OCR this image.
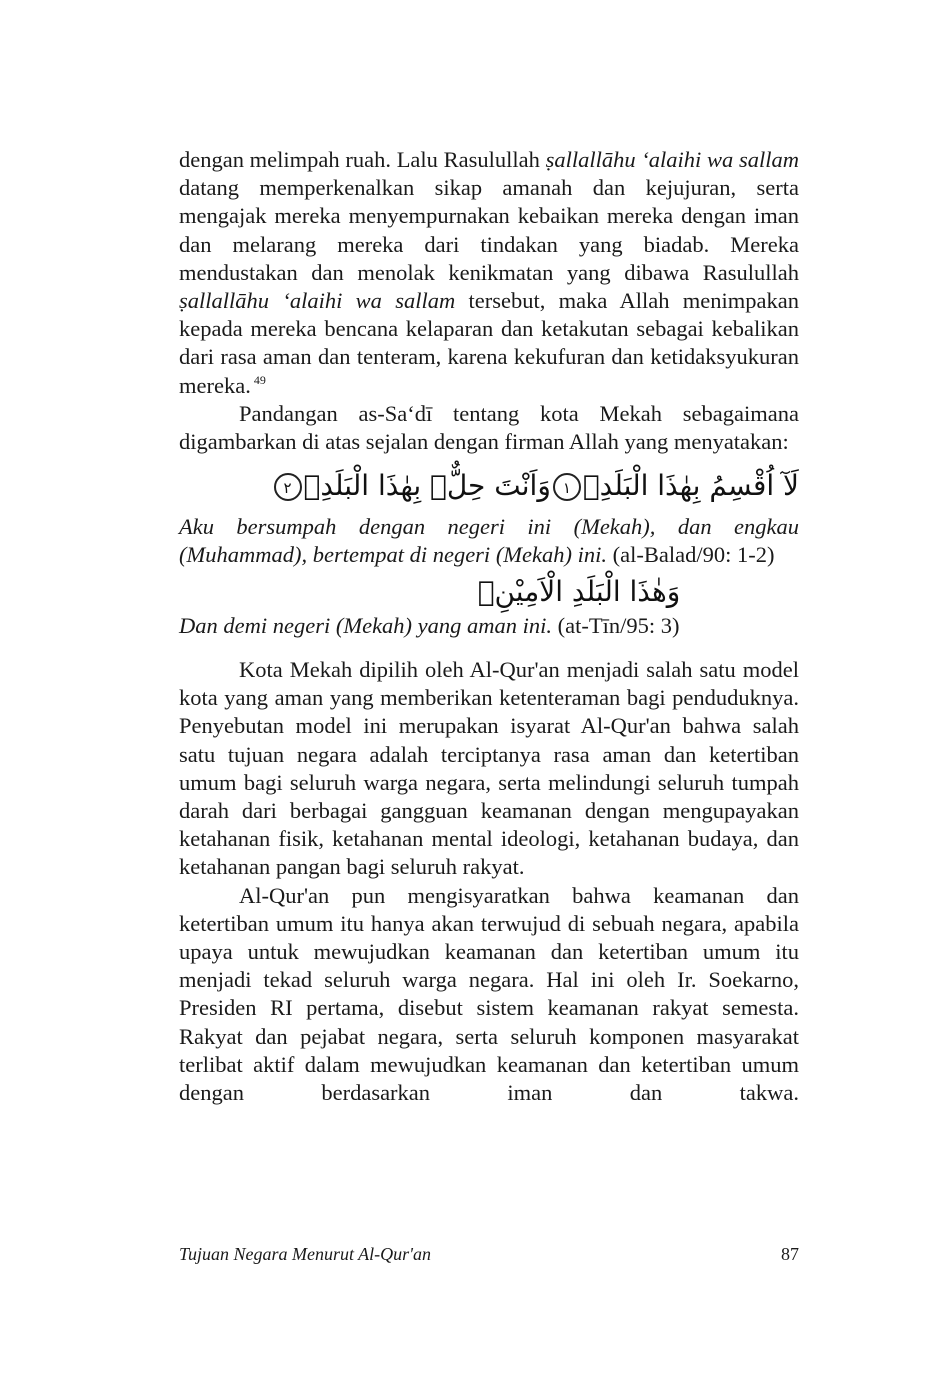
dengan melimpah ruah. Lalu Rasulullah ṣallallāhu ‘alaihi wa sallam datang memperkenalkan sikap amanah dan kejujuran, serta mengajak mereka menyempurnakan kebaikan mereka dengan iman dan melarang mereka dari tindakan yang biadab. Mereka mendustakan dan menolak kenikmatan yang dibawa Rasulullah ṣallallāhu ‘alaihi wa sallam tersebut, maka Allah menimpakan kepada mereka bencana kelaparan dan ketakutan sebagai kebalikan dari rasa aman dan tenteram, karena kekufuran dan ketidaksyukuran mereka. $^{49}$

Pandangan as-Sa‘dī tentang kota Mekah sebagaimana digambarkan di atas sejalan dengan firman Allah yang menyatakan:

لَآ اُقْسِمُ بِهٰذَا الْبَلَدِۙ١وَاَنْتَ حِلٌّۢ بِهٰذَا الْبَلَدِۙ٢

Aku bersumpah dengan negeri ini (Mekah), dan engkau (Muhammad), bertempat di negeri (Mekah) ini. (al-Balad/90: 1-2)

وَهٰذَا الْبَلَدِ الْاَمِيْنِۙ

Dan demi negeri (Mekah) yang aman ini. (at-Tīn/95: 3)

Kota Mekah dipilih oleh Al-Qur'an menjadi salah satu model kota yang aman yang memberikan ketenteraman bagi penduduknya. Penyebutan model ini merupakan isyarat Al-Qur'an bahwa salah satu tujuan negara adalah terciptanya rasa aman dan ketertiban umum bagi seluruh warga negara, serta melindungi seluruh tumpah darah dari berbagai gangguan keamanan dengan mengupayakan ketahanan fisik, ketahanan mental ideologi, ketahanan budaya, dan ketahanan pangan bagi seluruh rakyat.

Al-Qur'an pun mengisyaratkan bahwa keamanan dan ketertiban umum itu hanya akan terwujud di sebuah negara, apabila upaya untuk mewujudkan keamanan dan ketertiban umum itu menjadi tekad seluruh warga negara. Hal ini oleh Ir. Soekarno, Presiden RI pertama, disebut sistem keamanan rakyat semesta. Rakyat dan pejabat negara, serta seluruh komponen masyarakat terlibat aktif dalam mewujudkan keamanan dan ketertiban umum dengan berdasarkan iman dan takwa.

Tujuan Negara Menurut Al-Qur'an	87
